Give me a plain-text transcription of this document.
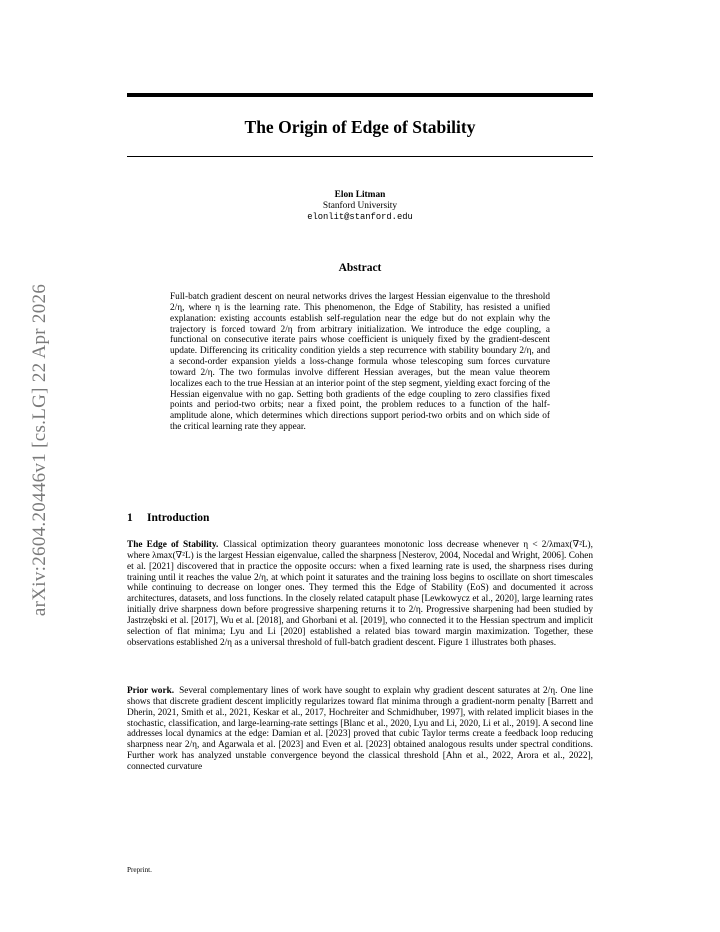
arXiv:2604.20446v1 [cs.LG] 22 Apr 2026
The Origin of Edge of Stability
Elon Litman
Stanford University
elonlit@stanford.edu
Abstract
Full-batch gradient descent on neural networks drives the largest Hessian eigenvalue to the threshold 2/η, where η is the learning rate. This phenomenon, the Edge of Stability, has resisted a unified explanation: existing accounts establish self-regulation near the edge but do not explain why the trajectory is forced toward 2/η from arbitrary initialization. We introduce the edge coupling, a functional on consecutive iterate pairs whose coefficient is uniquely fixed by the gradient-descent update. Differencing its criticality condition yields a step recurrence with stability boundary 2/η, and a second-order expansion yields a loss-change formula whose telescoping sum forces curvature toward 2/η. The two formulas involve different Hessian averages, but the mean value theorem localizes each to the true Hessian at an interior point of the step segment, yielding exact forcing of the Hessian eigenvalue with no gap. Setting both gradients of the edge coupling to zero classifies fixed points and period-two orbits; near a fixed point, the problem reduces to a function of the half-amplitude alone, which determines which directions support period-two orbits and on which side of the critical learning rate they appear.
1 Introduction
The Edge of Stability. Classical optimization theory guarantees monotonic loss decrease whenever η < 2/λmax(∇²L), where λmax(∇²L) is the largest Hessian eigenvalue, called the sharpness [Nesterov, 2004, Nocedal and Wright, 2006]. Cohen et al. [2021] discovered that in practice the opposite occurs: when a fixed learning rate is used, the sharpness rises during training until it reaches the value 2/η, at which point it saturates and the training loss begins to oscillate on short timescales while continuing to decrease on longer ones. They termed this the Edge of Stability (EoS) and documented it across architectures, datasets, and loss functions. In the closely related catapult phase [Lewkowycz et al., 2020], large learning rates initially drive sharpness down before progressive sharpening returns it to 2/η. Progressive sharpening had been studied by Jastrzębski et al. [2017], Wu et al. [2018], and Ghorbani et al. [2019], who connected it to the Hessian spectrum and implicit selection of flat minima; Lyu and Li [2020] established a related bias toward margin maximization. Together, these observations established 2/η as a universal threshold of full-batch gradient descent. Figure 1 illustrates both phases.
Prior work. Several complementary lines of work have sought to explain why gradient descent saturates at 2/η. One line shows that discrete gradient descent implicitly regularizes toward flat minima through a gradient-norm penalty [Barrett and Dherin, 2021, Smith et al., 2021, Keskar et al., 2017, Hochreiter and Schmidhuber, 1997], with related implicit biases in the stochastic, classification, and large-learning-rate settings [Blanc et al., 2020, Lyu and Li, 2020, Li et al., 2019]. A second line addresses local dynamics at the edge: Damian et al. [2023] proved that cubic Taylor terms create a feedback loop reducing sharpness near 2/η, and Agarwala et al. [2023] and Even et al. [2023] obtained analogous results under spectral conditions. Further work has analyzed unstable convergence beyond the classical threshold [Ahn et al., 2022, Arora et al., 2022], connected curvature
Preprint.
